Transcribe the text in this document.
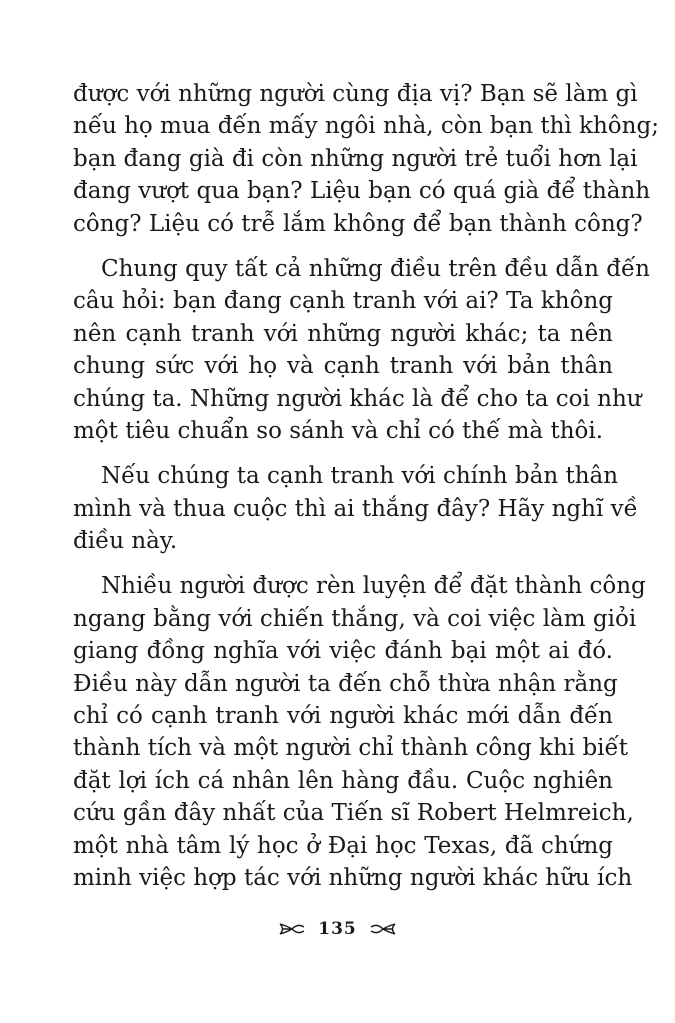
được với những người cùng địa vị? Bạn sẽ làm gì
nếu họ mua đến mấy ngôi nhà, còn bạn thì không;
bạn đang già đi còn những người trẻ tuổi hơn lại
đang vượt qua bạn? Liệu bạn có quá già để thành
công? Liệu có trễ lắm không để bạn thành công?
Chung quy tất cả những điều trên đều dẫn đến
câu hỏi: bạn đang cạnh tranh với ai? Ta không
nên cạnh tranh với những người khác; ta nên
chung sức với họ và cạnh tranh với bản thân
chúng ta. Những người khác là để cho ta coi như
một tiêu chuẩn so sánh và chỉ có thế mà thôi.
Nếu chúng ta cạnh tranh với chính bản thân
mình và thua cuộc thì ai thắng đây? Hãy nghĩ về
điều này.
Nhiều người được rèn luyện để đặt thành công
ngang bằng với chiến thắng, và coi việc làm giỏi
giang đồng nghĩa với việc đánh bại một ai đó.
Điều này dẫn người ta đến chỗ thừa nhận rằng
chỉ có cạnh tranh với người khác mới dẫn đến
thành tích và một người chỉ thành công khi biết
đặt lợi ích cá nhân lên hàng đầu. Cuộc nghiên
cứu gần đây nhất của Tiến sĩ Robert Helmreich,
một nhà tâm lý học ở Đại học Texas, đã chứng
minh việc hợp tác với những người khác hữu ích
135
